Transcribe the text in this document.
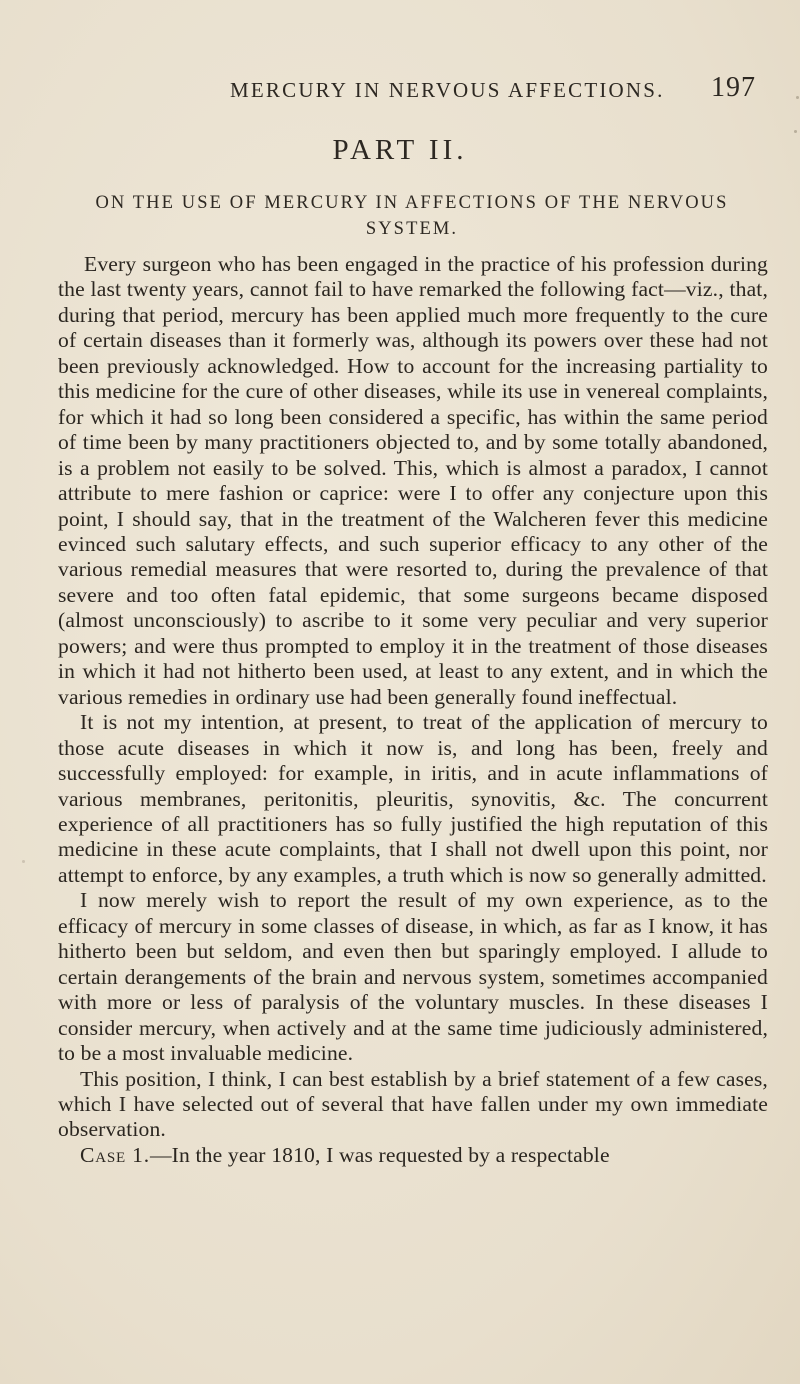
MERCURY IN NERVOUS AFFECTIONS. 197
PART II.
ON THE USE OF MERCURY IN AFFECTIONS OF THE NERVOUS SYSTEM.

Every surgeon who has been engaged in the practice of his profession during the last twenty years, cannot fail to have remarked the following fact—viz., that, during that period, mercury has been applied much more frequently to the cure of certain diseases than it formerly was, although its powers over these had not been previously acknowledged. How to account for the increasing partiality to this medicine for the cure of other diseases, while its use in venereal complaints, for which it had so long been considered a specific, has within the same period of time been by many practitioners objected to, and by some totally abandoned, is a problem not easily to be solved. This, which is almost a paradox, I cannot attribute to mere fashion or caprice: were I to offer any conjecture upon this point, I should say, that in the treatment of the Walcheren fever this medicine evinced such salutary effects, and such superior efficacy to any other of the various remedial measures that were resorted to, during the prevalence of that severe and too often fatal epidemic, that some surgeons became disposed (almost unconsciously) to ascribe to it some very peculiar and very superior powers; and were thus prompted to employ it in the treatment of those diseases in which it had not hitherto been used, at least to any extent, and in which the various remedies in ordinary use had been generally found ineffectual.

It is not my intention, at present, to treat of the application of mercury to those acute diseases in which it now is, and long has been, freely and successfully employed: for example, in iritis, and in acute inflammations of various membranes, peritonitis, pleuritis, synovitis, &c. The concurrent experience of all practitioners has so fully justified the high reputation of this medicine in these acute complaints, that I shall not dwell upon this point, nor attempt to enforce, by any examples, a truth which is now so generally admitted.

I now merely wish to report the result of my own experience, as to the efficacy of mercury in some classes of disease, in which, as far as I know, it has hitherto been but seldom, and even then but sparingly employed. I allude to certain derangements of the brain and nervous system, sometimes accompanied with more or less of paralysis of the voluntary muscles. In these diseases I consider mercury, when actively and at the same time judiciously administered, to be a most invaluable medicine.

This position, I think, I can best establish by a brief statement of a few cases, which I have selected out of several that have fallen under my own immediate observation.

Case 1.—In the year 1810, I was requested by a respectable
